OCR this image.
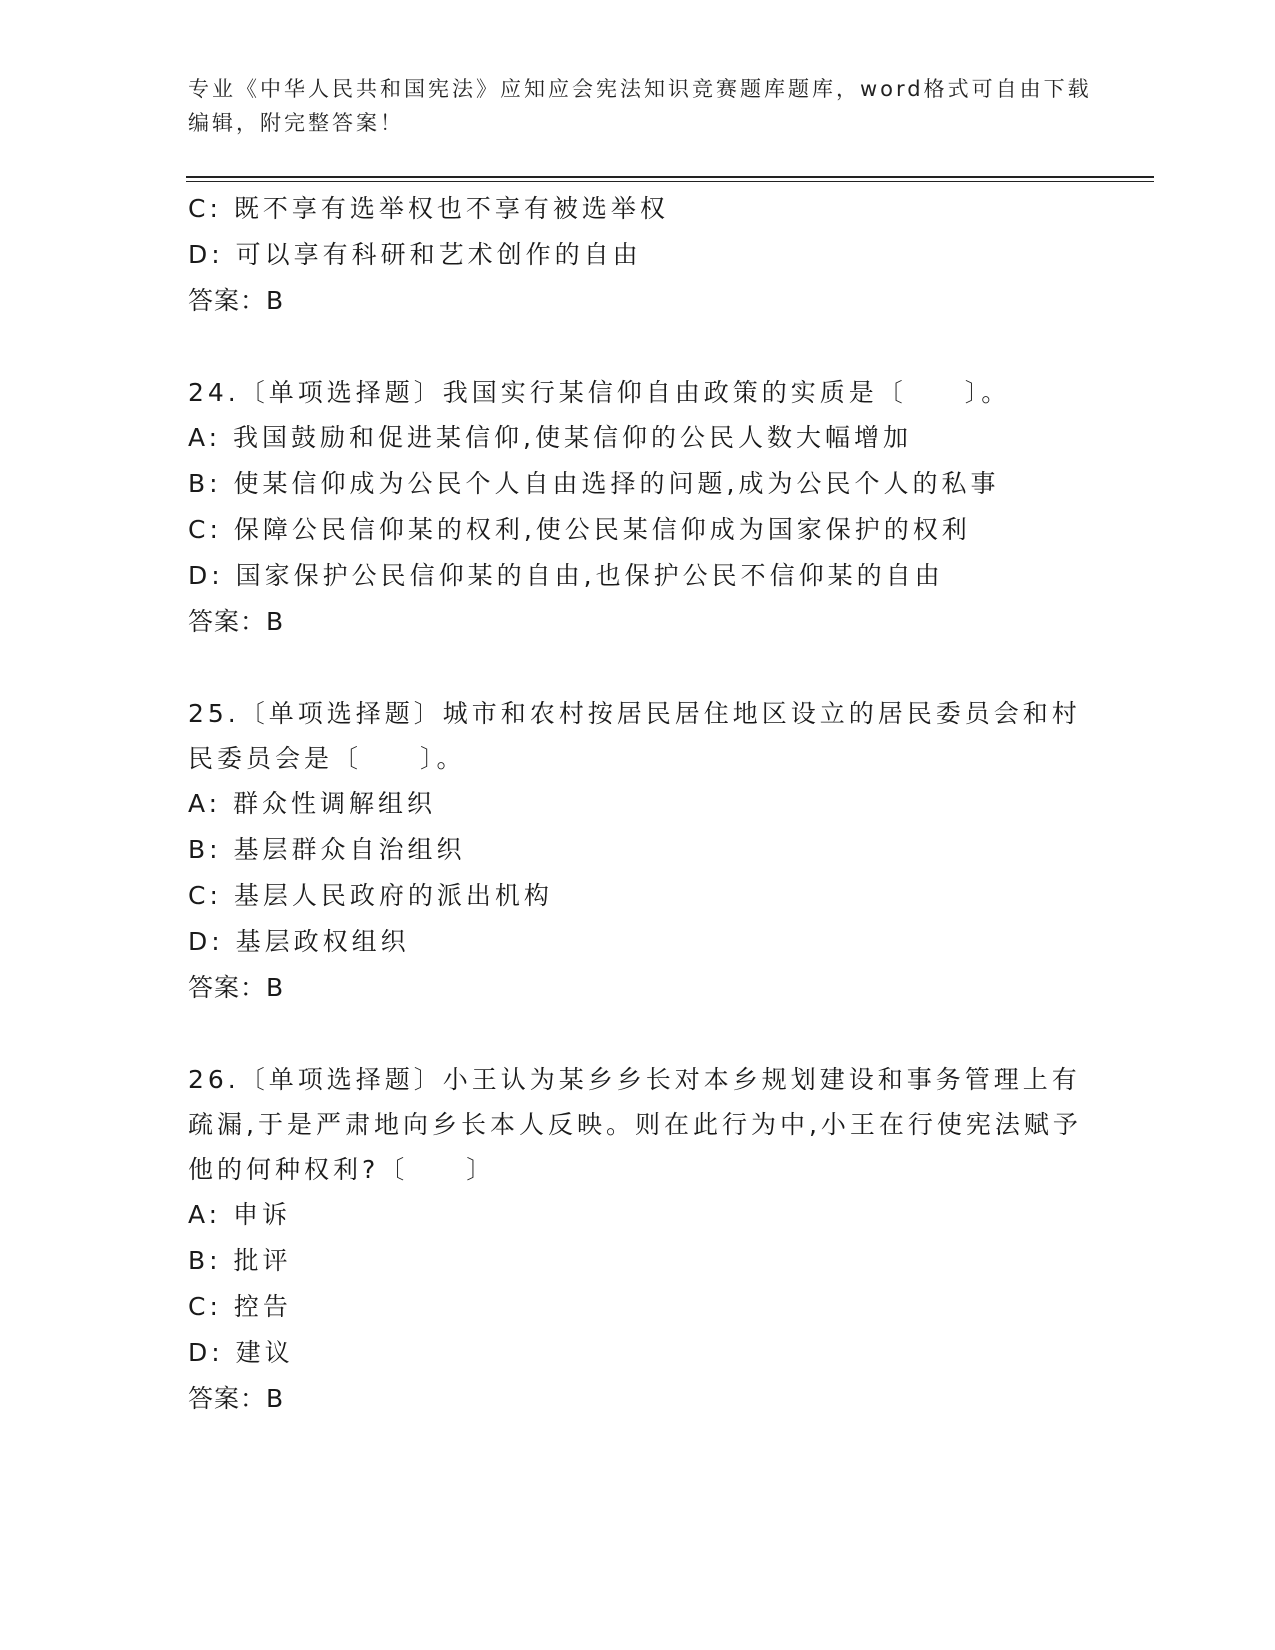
专业《中华人民共和国宪法》应知应会宪法知识竞赛题库题库，word格式可自由下载编辑，附完整答案！
C: 既不享有选举权也不享有被选举权
D: 可以享有科研和艺术创作的自由
答案：B
24.〔单项选择题〕我国实行某信仰自由政策的实质是〔　　〕。
A: 我国鼓励和促进某信仰,使某信仰的公民人数大幅增加
B: 使某信仰成为公民个人自由选择的问题,成为公民个人的私事
C: 保障公民信仰某的权利,使公民某信仰成为国家保护的权利
D: 国家保护公民信仰某的自由,也保护公民不信仰某的自由
答案：B
25.〔单项选择题〕城市和农村按居民居住地区设立的居民委员会和村民委员会是〔　　〕。
A: 群众性调解组织
B: 基层群众自治组织
C: 基层人民政府的派出机构
D: 基层政权组织
答案：B
26.〔单项选择题〕小王认为某乡乡长对本乡规划建设和事务管理上有疏漏,于是严肃地向乡长本人反映。则在此行为中,小王在行使宪法赋予他的何种权利?〔　　〕
A: 申诉
B: 批评
C: 控告
D: 建议
答案：B
